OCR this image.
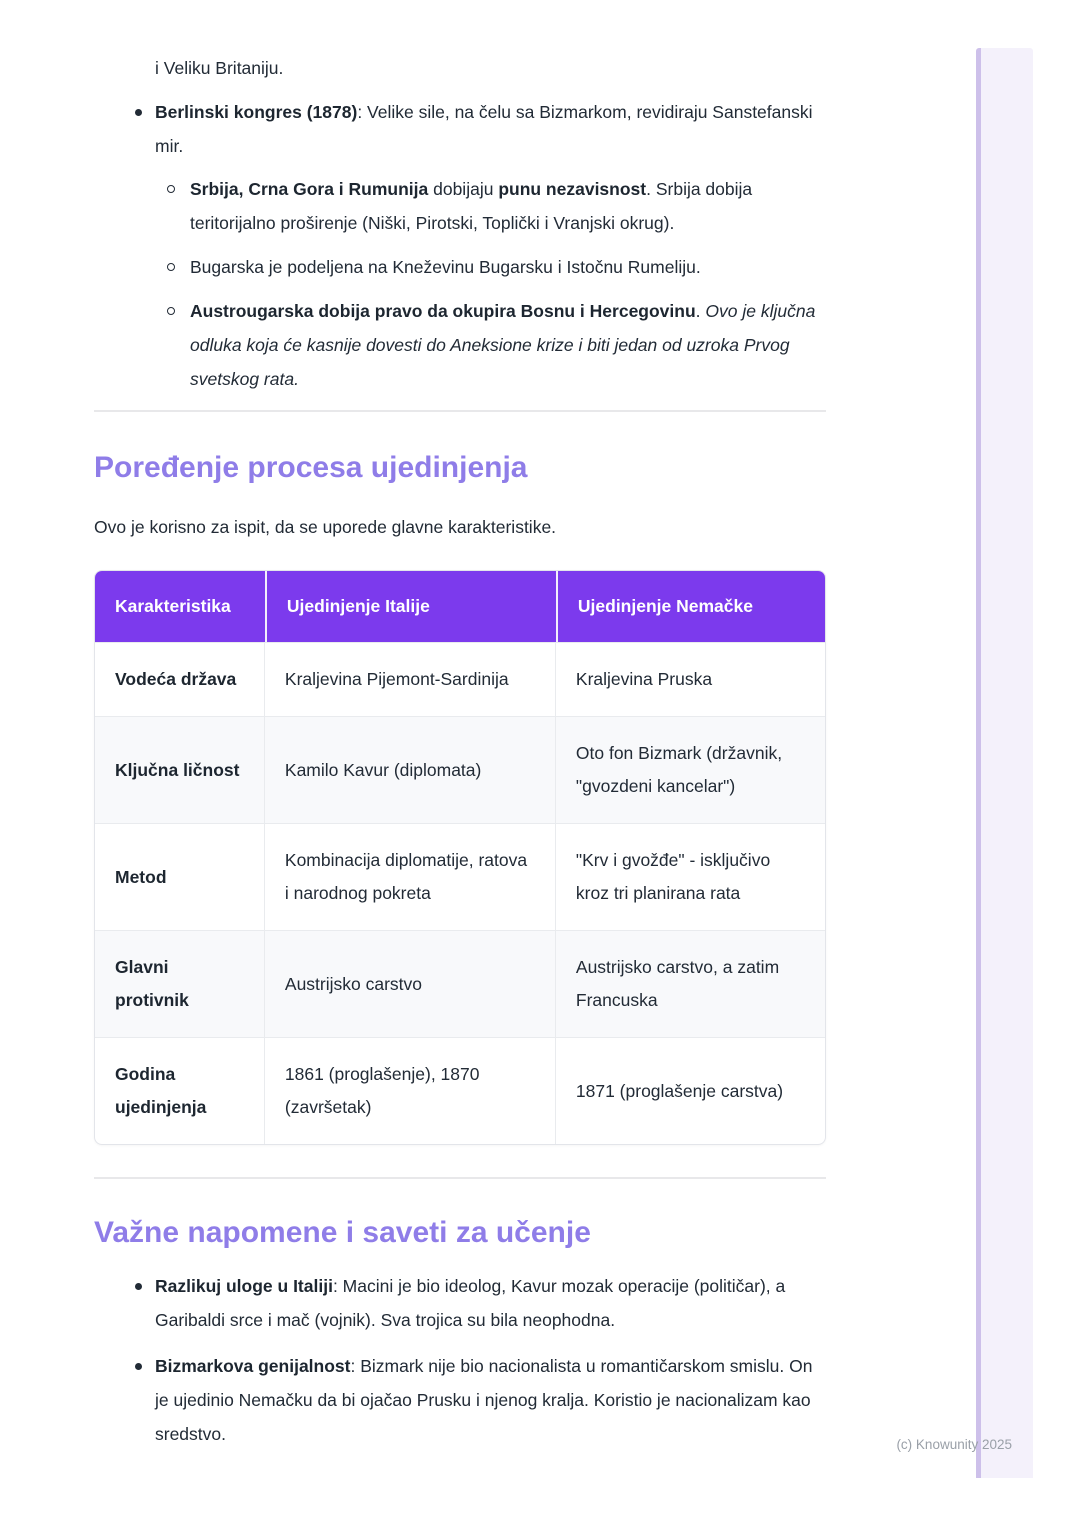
i Veliku Britaniju.

Berlinski kongres (1878): Velike sile, na čelu sa Bizmarkom, revidiraju Sanstefanski mir.
Srbija, Crna Gora i Rumunija dobijaju punu nezavisnost. Srbija dobija teritorijalno proširenje (Niški, Pirotski, Toplički i Vranjski okrug).
Bugarska je podeljena na Kneževinu Bugarsku i Istočnu Rumeliju.
Austrougarska dobija pravo da okupira Bosnu i Hercegovinu. Ovo je ključna odluka koja će kasnije dovesti do Aneksione krize i biti jedan od uzroka Prvog svetskog rata.
Poređenje procesa ujedinjenja

Ovo je korisno za ispit, da se uporede glavne karakteristike.

Karakteristika	Ujedinjenje Italije	Ujedinjenje Nemačke
Vodeća država	Kraljevina Pijemont-Sardinija	Kraljevina Pruska
Ključna ličnost	Kamilo Kavur (diplomata)	Oto fon Bizmark (državnik, "gvozdeni kancelar")
Metod	Kombinacija diplomatije, ratova i narodnog pokreta	"Krv i gvožđe" - isključivo kroz tri planirana rata
Glavni protivnik	Austrijsko carstvo	Austrijsko carstvo, a zatim Francuska
Godina ujedinjenja	1861 (proglašenje), 1870 (završetak)	1871 (proglašenje carstva)
Važne napomene i saveti za učenje
Razlikuj uloge u Italiji: Macini je bio ideolog, Kavur mozak operacije (političar), a Garibaldi srce i mač (vojnik). Sva trojica su bila neophodna.
Bizmarkova genijalnost: Bizmark nije bio nacionalista u romantičarskom smislu. On je ujedinio Nemačku da bi ojačao Prusku i njenog kralja. Koristio je nacionalizam kao sredstvo.
(c) Knowunity 2025
